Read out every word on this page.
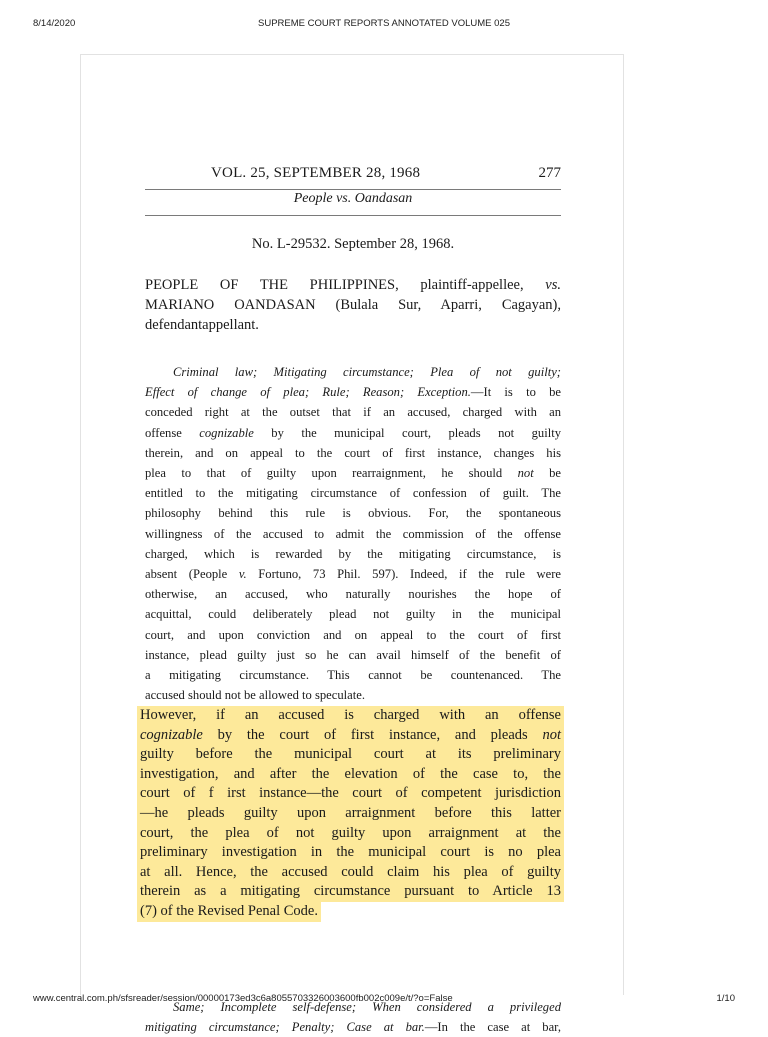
8/14/2020	SUPREME COURT REPORTS ANNOTATED VOLUME 025
VOL. 25, SEPTEMBER 28, 1968	277
People vs. Oandasan
No. L-29532. September 28, 1968.
PEOPLE OF THE PHILIPPINES, plaintiff-appellee, vs.
MARIANO OANDASAN (Bulala Sur, Aparri, Cagayan),
defendantappellant.
Criminal law; Mitigating circumstance; Plea of not guilty;
Effect of change of plea; Rule; Reason; Exception.—It is to be
conceded right at the outset that if an accused, charged with an
offense cognizable by the municipal court, pleads not guilty
therein, and on appeal to the court of first instance, changes his
plea to that of guilty upon rearraignment, he should not be
entitled to the mitigating circumstance of confession of guilt. The
philosophy behind this rule is obvious. For, the spontaneous
willingness of the accused to admit the commission of the offense
charged, which is rewarded by the mitigating circumstance, is
absent (People v. Fortuno, 73 Phil. 597). Indeed, if the rule were
otherwise, an accused, who naturally nourishes the hope of
acquittal, could deliberately plead not guilty in the municipal
court, and upon conviction and on appeal to the court of first
instance, plead guilty just so he can avail himself of the benefit of
a mitigating circumstance. This cannot be countenanced. The
accused should not be allowed to speculate.
Same; Incomplete self-defense; When considered a privileged
mitigating circumstance; Penalty; Case at bar.—In the case at bar,
However, if an accused is charged with an offense
cognizable by the court of first instance, and pleads not
guilty before the municipal court at its preliminary
investigation, and after the elevation of the case to, the
court of f irst instance—the court of competent jurisdiction
—he pleads guilty upon arraignment before this latter
court, the plea of not guilty upon arraignment at the
preliminary investigation in the municipal court is no plea
at all. Hence, the accused could claim his plea of guilty
therein as a mitigating circumstance pursuant to Article 13
(7) of the Revised Penal Code.
www.central.com.ph/sfsreader/session/00000173ed3c6a8055703326003600fb002c009e/t/?o=False	1/10
